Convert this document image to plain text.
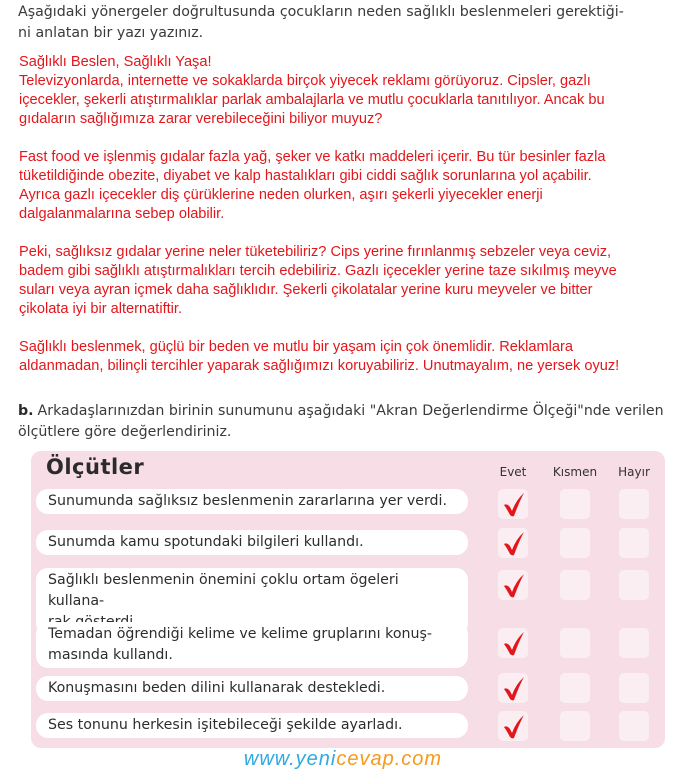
Aşağıdaki yönergeler doğrultusunda çocukların neden sağlıklı beslenmeleri gerektiği-
ni anlatan bir yazı yazınız.

Sağlıklı Beslen, Sağlıklı Yaşa!

Televizyonlarda, internette ve sokaklarda birçok yiyecek reklamı görüyoruz. Cipsler, gazlı
içecekler, şekerli atıştırmalıklar parlak ambalajlarla ve mutlu çocuklarla tanıtılıyor. Ancak bu
gıdaların sağlığımıza zarar verebileceğini biliyor muyuz?

Fast food ve işlenmiş gıdalar fazla yağ, şeker ve katkı maddeleri içerir. Bu tür besinler fazla
tüketildiğinde obezite, diyabet ve kalp hastalıkları gibi ciddi sağlık sorunlarına yol açabilir.
Ayrıca gazlı içecekler diş çürüklerine neden olurken, aşırı şekerli yiyecekler enerji
dalgalanmalarına sebep olabilir.

Peki, sağlıksız gıdalar yerine neler tüketebiliriz? Cips yerine fırınlanmış sebzeler veya ceviz,
badem gibi sağlıklı atıştırmalıkları tercih edebiliriz. Gazlı içecekler yerine taze sıkılmış meyve
suları veya ayran içmek daha sağlıklıdır. Şekerli çikolatalar yerine kuru meyveler ve bitter
çikolata iyi bir alternatiftir.

Sağlıklı beslenmek, güçlü bir beden ve mutlu bir yaşam için çok önemlidir. Reklamlara
aldanmadan, bilinçli tercihler yaparak sağlığımızı koruyabiliriz. Unutmayalım, ne yersek oyuz!

b. Arkadaşlarınızdan birinin sunumunu aşağıdaki "Akran Değerlendirme Ölçeği"nde verilen
ölçütlere göre değerlendiriniz.
Ölçütler	Evet	Kısmen	Hayır
Sunumunda sağlıksız beslenmenin zararlarına yer verdi.
Sunumda kamu spotundaki bilgileri kullandı.
Sağlıklı beslenmenin önemini çoklu ortam ögeleri kullana-

Temadan öğrendiği kelime ve kelime gruplarını konuş-
masında kullandı.
Konuşmasını beden dilini kullanarak destekledi.
Ses tonunu herkesin işitebileceği şekilde ayarladı.
www.yenicevap.com
